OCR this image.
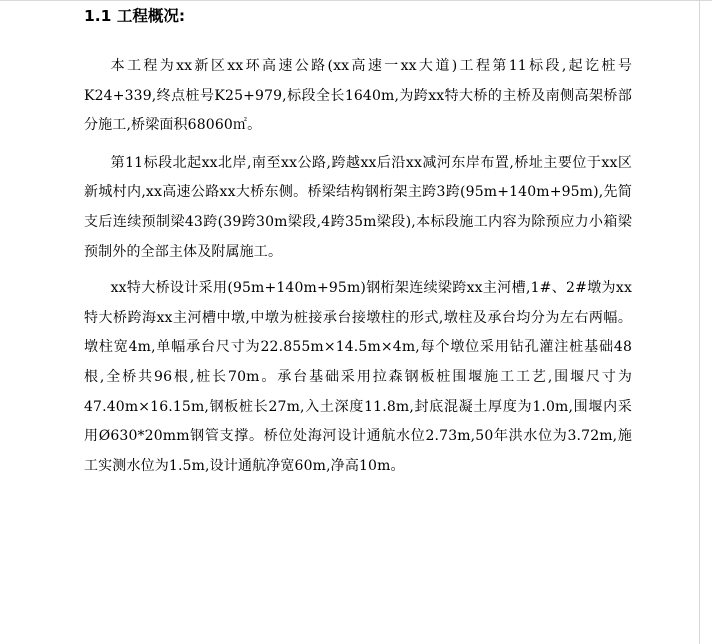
1.1 工程概况:

本工程为xx新区xx环高速公路(xx高速一xx大道)工程第11标段,起讫桩号K24+339,终点桩号K25+979,标段全长1640m,为跨xx特大桥的主桥及南侧高架桥部分施工,桥梁面积68060㎡。

第11标段北起xx北岸,南至xx公路,跨越xx后沿xx减河东岸布置,桥址主要位于xx区新城村内,xx高速公路xx大桥东侧。桥梁结构钢桁架主跨3跨(95m+140m+95m),先简支后连续预制梁43跨(39跨30m梁段,4跨35m梁段),本标段施工内容为除预应力小箱梁预制外的全部主体及附属施工。

xx特大桥设计采用(95m+140m+95m)钢桁架连续梁跨xx主河槽,1#、2#墩为xx特大桥跨海xx主河槽中墩,中墩为桩接承台接墩柱的形式,墩柱及承台均分为左右两幅。墩柱宽4m,单幅承台尺寸为22.855m×14.5m×4m,每个墩位采用钻孔灌注桩基础48根,全桥共96根,桩长70m。承台基础采用拉森钢板桩围堰施工工艺,围堰尺寸为47.40m×16.15m,钢板桩长27m,入土深度11.8m,封底混凝土厚度为1.0m,围堰内采用Ø630*20mm钢管支撑。桥位处海河设计通航水位2.73m,50年洪水位为3.72m,施工实测水位为1.5m,设计通航净宽60m,净高10m。
